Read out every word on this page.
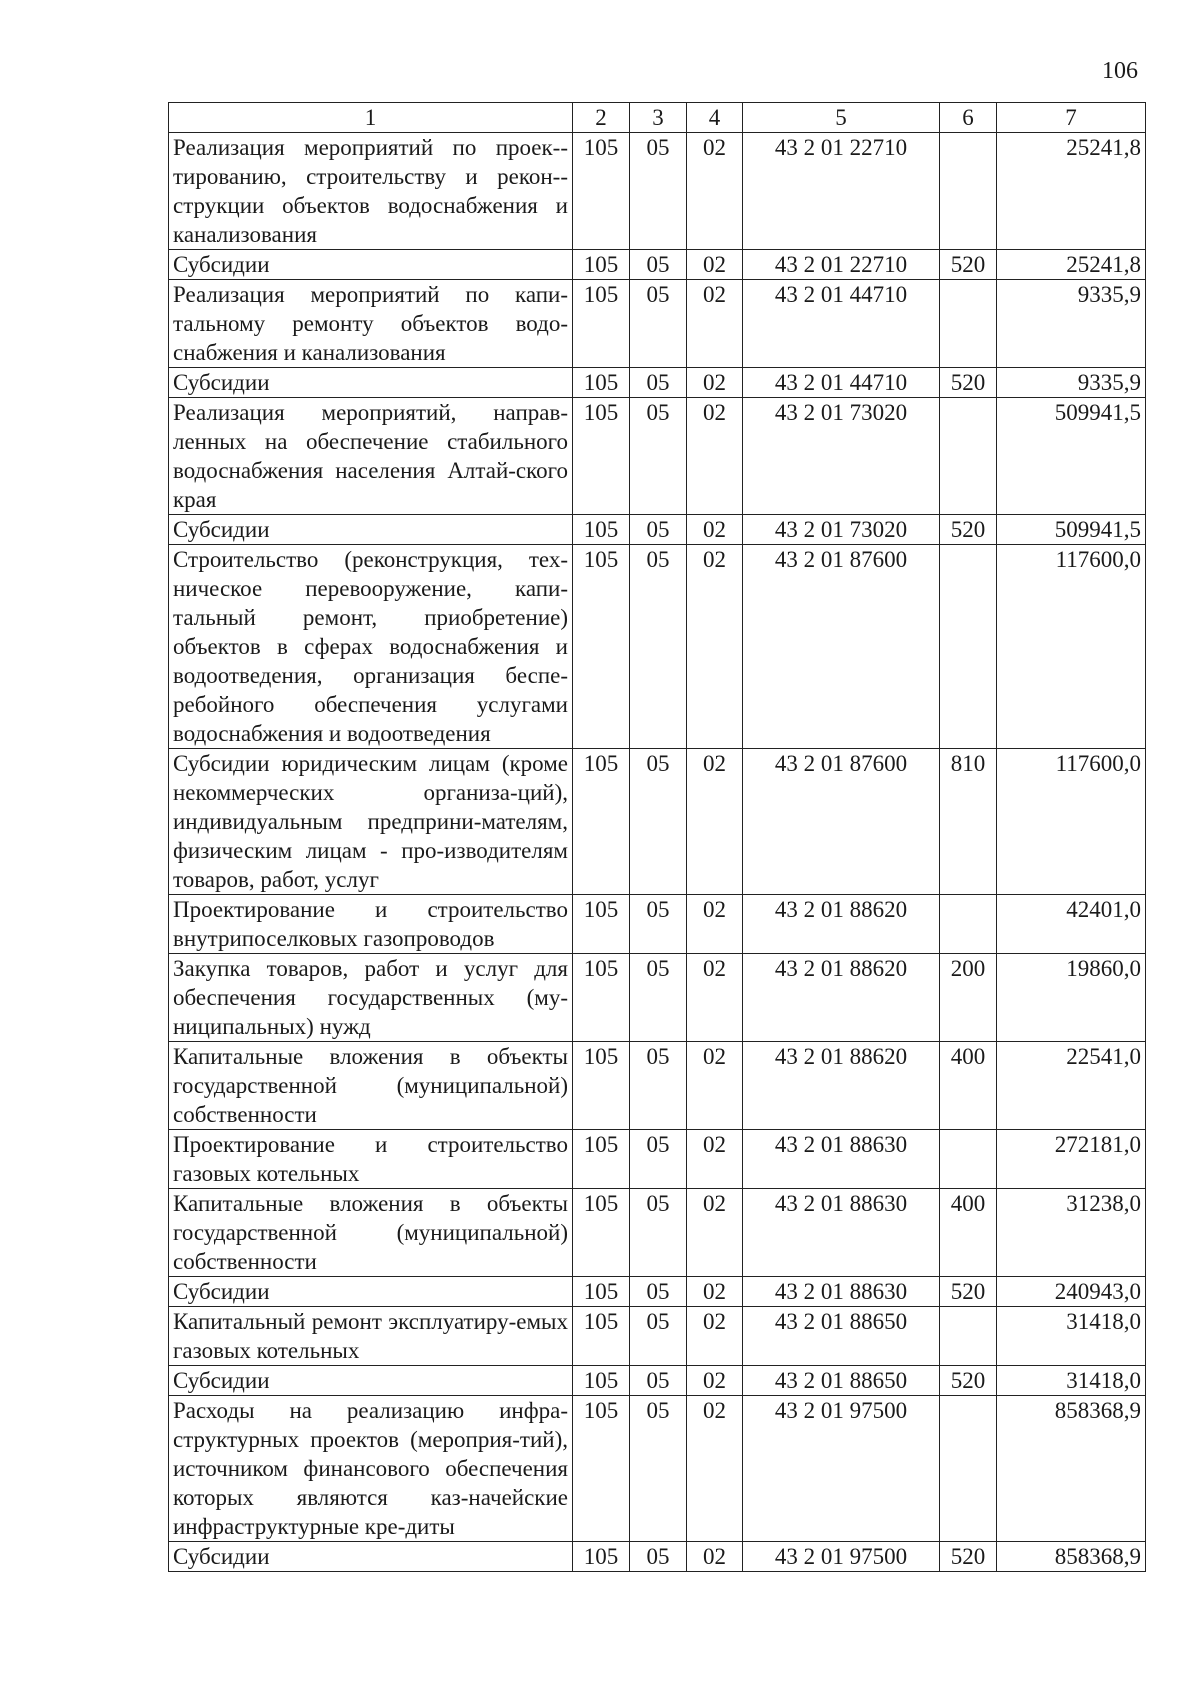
106
1	2	3	4	5	6	7
Реализация мероприятий по проек-тированию, строительству и рекон-струкции объектов водоснабжения и канализования	105	05	02	43 2 01 22710		25241,8
Субсидии	105	05	02	43 2 01 22710	520	25241,8
Реализация мероприятий по капи-тальному ремонту объектов водо-снабжения и канализования	105	05	02	43 2 01 44710		9335,9
Субсидии	105	05	02	43 2 01 44710	520	9335,9
Реализация мероприятий, направ-ленных на обеспечение стабильного водоснабжения населения Алтай-ского края	105	05	02	43 2 01 73020		509941,5
Субсидии	105	05	02	43 2 01 73020	520	509941,5
Строительство (реконструкция, тех-ническое перевооружение, капи-тальный ремонт, приобретение) объектов в сферах водоснабжения и водоотведения, организация беспе-ребойного обеспечения услугами водоснабжения и водоотведения	105	05	02	43 2 01 87600		117600,0
Субсидии юридическим лицам (кроме некоммерческих организа-ций), индивидуальным предприни-мателям, физическим лицам - про-изводителям товаров, работ, услуг	105	05	02	43 2 01 87600	810	117600,0
Проектирование и строительство внутрипоселковых газопроводов	105	05	02	43 2 01 88620		42401,0
Закупка товаров, работ и услуг для обеспечения государственных (му-ниципальных) нужд	105	05	02	43 2 01 88620	200	19860,0
Капитальные вложения в объекты государственной (муниципальной) собственности	105	05	02	43 2 01 88620	400	22541,0
Проектирование и строительство газовых котельных	105	05	02	43 2 01 88630		272181,0
Капитальные вложения в объекты государственной (муниципальной) собственности	105	05	02	43 2 01 88630	400	31238,0
Субсидии	105	05	02	43 2 01 88630	520	240943,0
Капитальный ремонт эксплуатиру-емых газовых котельных	105	05	02	43 2 01 88650		31418,0
Субсидии	105	05	02	43 2 01 88650	520	31418,0
Расходы на реализацию инфра-структурных проектов (мероприя-тий), источником финансового обеспечения которых являются каз-начейские инфраструктурные кре-диты	105	05	02	43 2 01 97500		858368,9
Субсидии	105	05	02	43 2 01 97500	520	858368,9
